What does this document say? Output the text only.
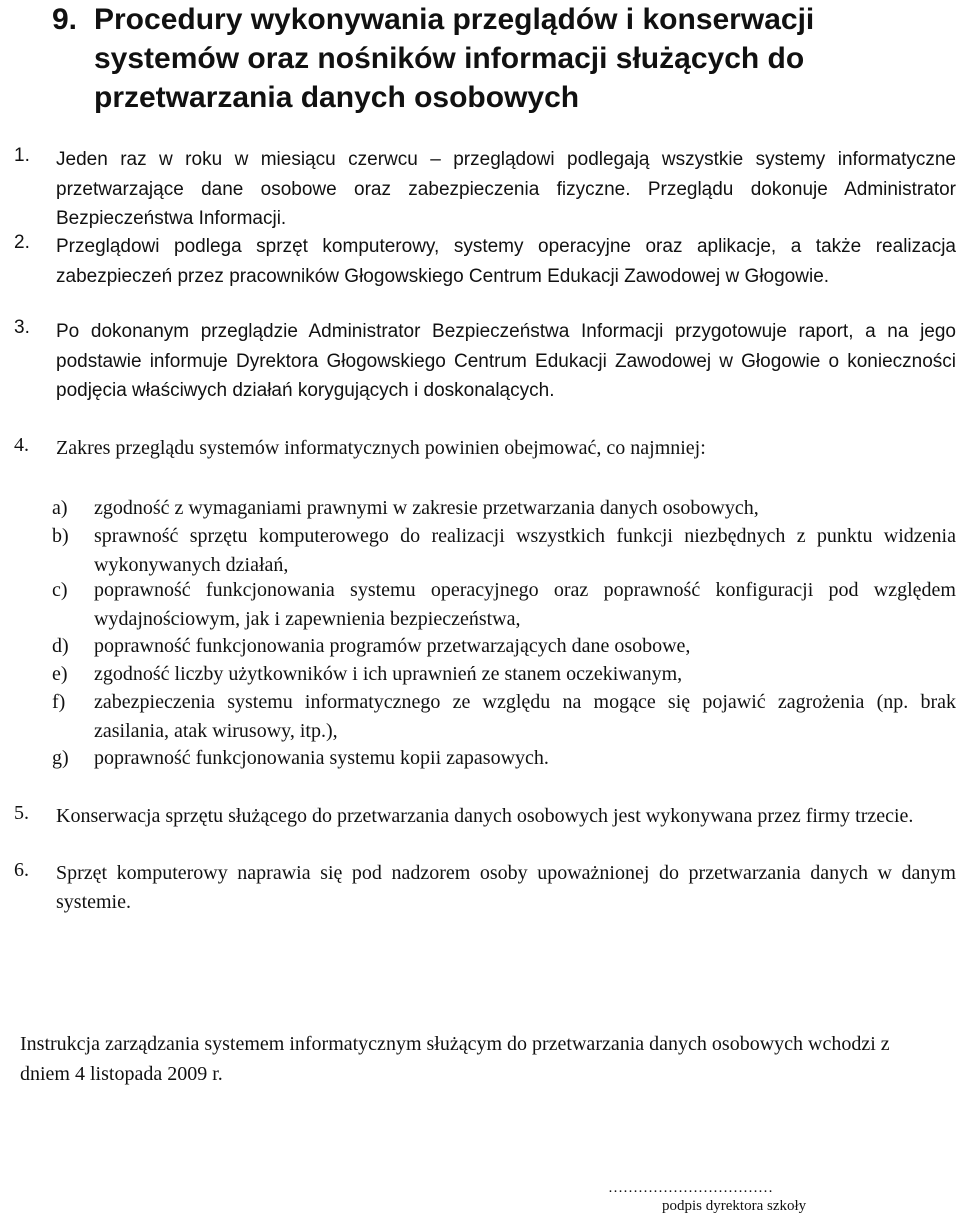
9. Procedury wykonywania przeglądów i konserwacji systemów oraz nośników informacji służących do przetwarzania danych osobowych
1. Jeden raz w roku w miesiącu czerwcu – przeglądowi podlegają wszystkie systemy informatyczne przetwarzające dane osobowe oraz zabezpieczenia fizyczne. Przeglądu dokonuje Administrator Bezpieczeństwa Informacji.
2. Przeglądowi podlega sprzęt komputerowy, systemy operacyjne oraz aplikacje, a także realizacja zabezpieczeń przez pracowników Głogowskiego Centrum Edukacji Zawodowej w Głogowie.
3. Po dokonanym przeglądzie Administrator Bezpieczeństwa Informacji przygotowuje raport, a na jego podstawie informuje Dyrektora Głogowskiego Centrum Edukacji Zawodowej w Głogowie o konieczności podjęcia właściwych działań korygujących i doskonalących.
4. Zakres przeglądu systemów informatycznych powinien obejmować, co najmniej:
a) zgodność z wymaganiami prawnymi w zakresie przetwarzania danych osobowych,
b) sprawność sprzętu komputerowego do realizacji wszystkich funkcji niezbędnych z punktu widzenia wykonywanych działań,
c) poprawność funkcjonowania systemu operacyjnego oraz poprawność konfiguracji pod względem wydajnościowym, jak i zapewnienia bezpieczeństwa,
d) poprawność funkcjonowania programów przetwarzających dane osobowe,
e) zgodność liczby użytkowników i ich uprawnień ze stanem oczekiwanym,
f) zabezpieczenia systemu informatycznego ze względu na mogące się pojawić zagrożenia (np. brak zasilania, atak wirusowy, itp.),
g) poprawność funkcjonowania systemu kopii zapasowych.
5. Konserwacja sprzętu służącego do przetwarzania danych osobowych jest wykonywana przez firmy trzecie.
6. Sprzęt komputerowy naprawia się pod nadzorem osoby upoważnionej do przetwarzania danych w danym systemie.
Instrukcja zarządzania systemem informatycznym służącym do przetwarzania danych osobowych wchodzi z dniem 4 listopada 2009 r.
……………………………
podpis dyrektora szkoły
